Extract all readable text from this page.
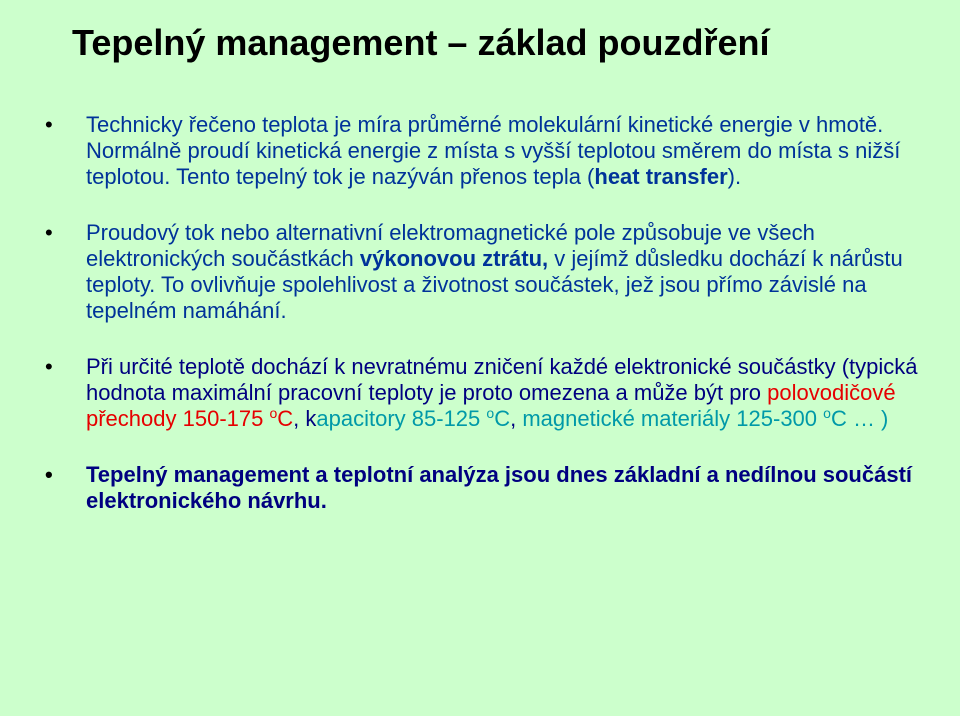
Tepelný management – základ pouzdření
• Technicky řečeno teplota je míra průměrné molekulární kinetické energie v hmotě. Normálně proudí kinetická energie z místa s vyšší teplotou směrem do místa s nižší teplotou. Tento tepelný tok je nazýván přenos tepla (heat transfer).
• Proudový tok nebo alternativní elektromagnetické pole způsobuje ve všech elektronických součástkách výkonovou ztrátu, v jejímž důsledku dochází k nárůstu teploty. To ovlivňuje spolehlivost a životnost součástek, jež jsou přímo závislé na tepelném namáhání.
• Při určité teplotě dochází k nevratnému zničení každé elektronické součástky (typická hodnota maximální pracovní teploty je proto omezena a může být pro polovodičové přechody 150-175 $^o$C, kapacitory 85-125 $^o$C, magnetické materiály 125-300 $^o$C … )
• Tepelný management a teplotní analýza jsou dnes základní a nedílnou součástí elektronického návrhu.
